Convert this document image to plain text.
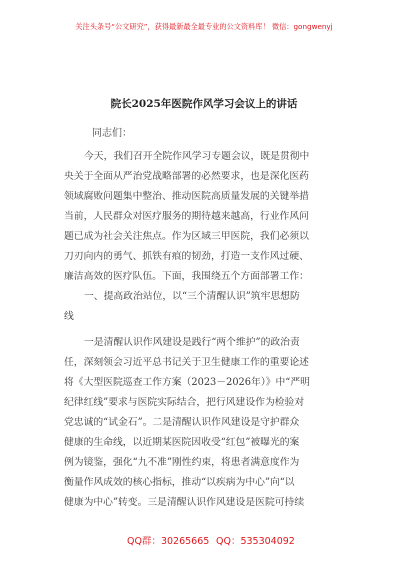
关注头条号“公文研究”，获得最新最全最专业的公文资料库！ 微信：gongwenyj
院长2025年医院作风学习会议上的讲话
同志们：
今天，我们召开全院作风学习专题会议，既是贯彻中
央关于全面从严治党战略部署的必然要求，也是深化医药
领域腐败问题集中整治、推动医院高质量发展的关键举措
当前，人民群众对医疗服务的期待越来越高，行业作风问
题已成为社会关注焦点。作为区域三甲医院，我们必须以
刀刃向内的勇气、抓铁有痕的韧劲，打造一支作风过硬、
廉洁高效的医疗队伍。下面，我围绕五个方面部署工作：
一、提高政治站位，以“三个清醒认识”筑牢思想防
线
一是清醒认识作风建设是践行“两个维护”的政治责
任，深刻领会习近平总书记关于卫生健康工作的重要论述
将《大型医院巡查工作方案（2023－2026年）》中“严明
纪律红线”要求与医院实际结合，把行风建设作为检验对
党忠诚的“试金石”。二是清醒认识作风建设是守护群众
健康的生命线，以近期某医院因收受“红包”被曝光的案
例为镜鉴，强化“九不准”刚性约束，将患者满意度作为
衡量作风成效的核心指标，推动“以疾病为中心”向“以
健康为中心”转变。三是清醒认识作风建设是医院可持续
QQ群：30265665 QQ：535304092
